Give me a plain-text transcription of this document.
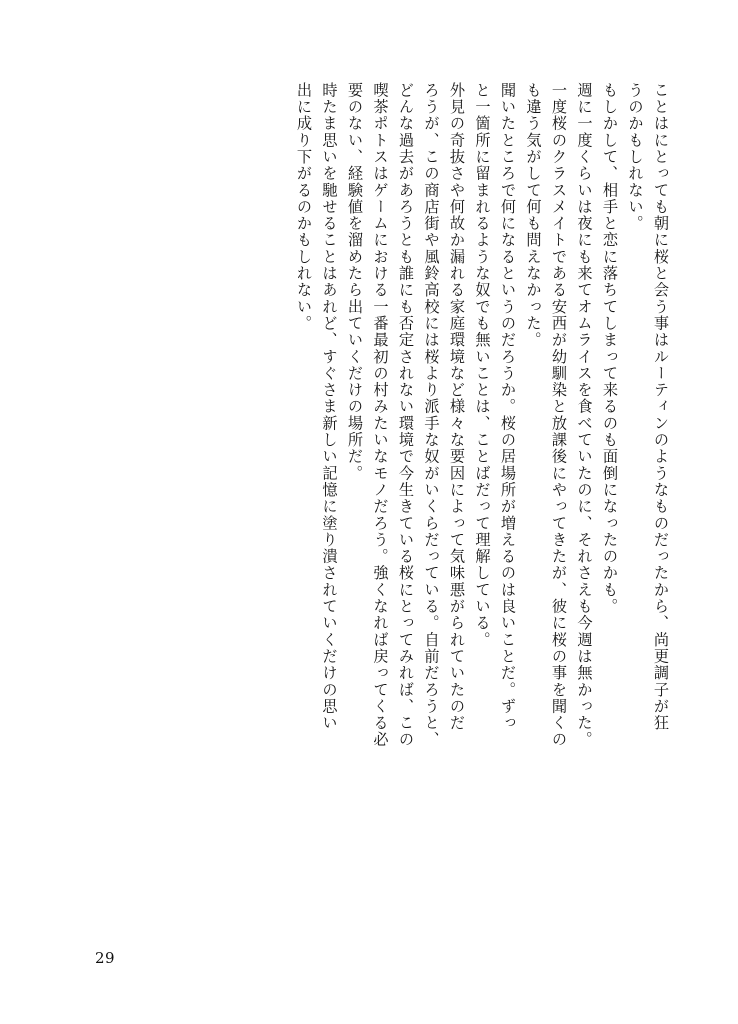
ことはにとっても朝に桜と会う事はルーティンのようなものだったから、尚更調子が狂
うのかもしれない。
もしかして、相手と恋に落ちてしまって来るのも面倒になったのかも。
週に一度くらいは夜にも来てオムライスを食べていたのに、それさえも今週は無かった。
一度桜のクラスメイトである安西が幼馴染と放課後にやってきたが、彼に桜の事を聞くの
も違う気がして何も問えなかった。
聞いたところで何になるというのだろうか。桜の居場所が増えるのは良いことだ。ずっ
と一箇所に留まれるような奴でも無いことは、ことばだって理解している。
外見の奇抜さや何故か漏れる家庭環境など様々な要因によって気味悪がられていたのだ
ろうが、この商店街や風鈴高校には桜より派手な奴がいくらだっている。自前だろうと、
どんな過去があろうとも誰にも否定されない環境で今生きている桜にとってみれば、この
喫茶ポトスはゲームにおける一番最初の村みたいなモノだろう。強くなれば戻ってくる必
要のない、経験値を溜めたら出ていくだけの場所だ。
時たま思いを馳せることはあれど、すぐさま新しい記憶に塗り潰されていくだけの思い
出に成り下がるのかもしれない。
29
